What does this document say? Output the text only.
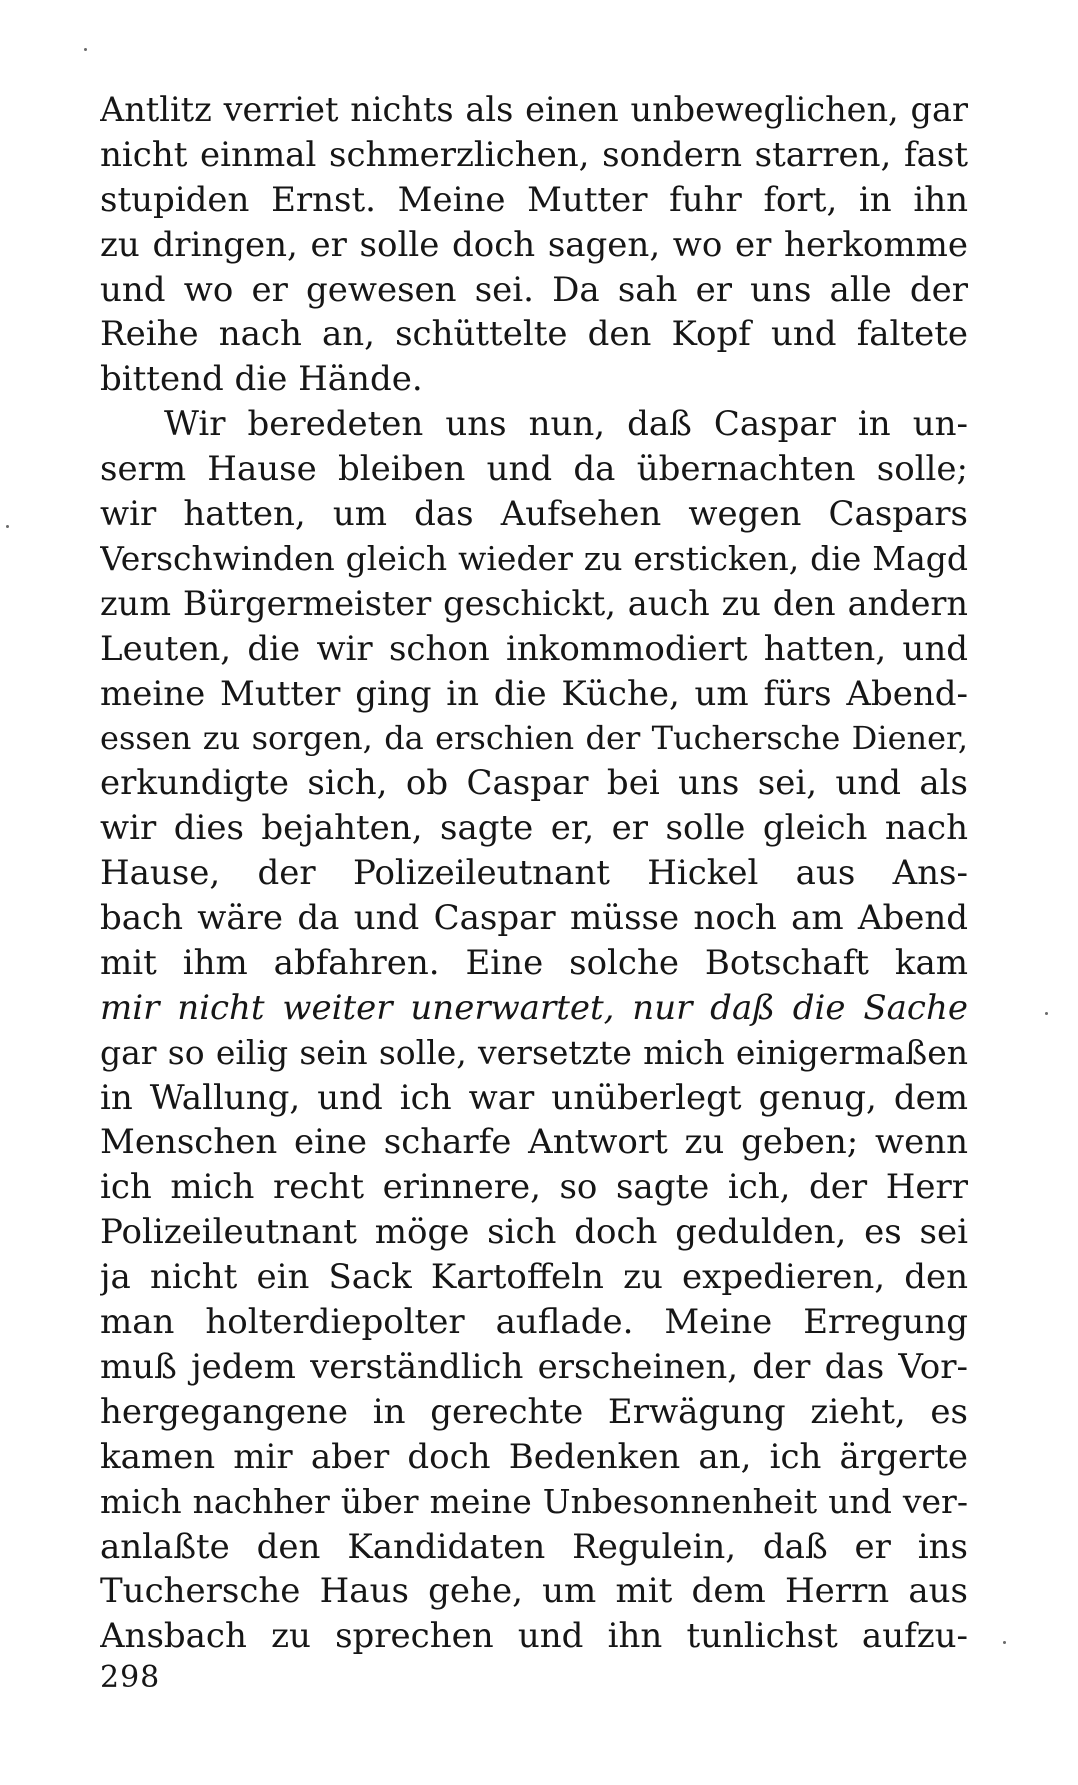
Antlitz verriet nichts als einen unbeweglichen, gar
nicht einmal schmerzlichen, sondern starren, fast
stupiden Ernst. Meine Mutter fuhr fort, in ihn
zu dringen, er solle doch sagen, wo er herkomme
und wo er gewesen sei. Da sah er uns alle der
Reihe nach an, schüttelte den Kopf und faltete
bittend die Hände.
Wir beredeten uns nun, daß Caspar in un-
serm Hause bleiben und da übernachten solle;
wir hatten, um das Aufsehen wegen Caspars
Verschwinden gleich wieder zu ersticken, die Magd
zum Bürgermeister geschickt, auch zu den andern
Leuten, die wir schon inkommodiert hatten, und
meine Mutter ging in die Küche, um fürs Abend-
essen zu sorgen, da erschien der Tuchersche Diener,
erkundigte sich, ob Caspar bei uns sei, und als
wir dies bejahten, sagte er, er solle gleich nach
Hause, der Polizeileutnant Hickel aus Ans-
bach wäre da und Caspar müsse noch am Abend
mit ihm abfahren. Eine solche Botschaft kam
mir nicht weiter unerwartet, nur daß die Sache
gar so eilig sein solle, versetzte mich einigermaßen
in Wallung, und ich war unüberlegt genug, dem
Menschen eine scharfe Antwort zu geben; wenn
ich mich recht erinnere, so sagte ich, der Herr
Polizeileutnant möge sich doch gedulden, es sei
ja nicht ein Sack Kartoffeln zu expedieren, den
man holterdiepolter auflade. Meine Erregung
muß jedem verständlich erscheinen, der das Vor-
hergegangene in gerechte Erwägung zieht, es
kamen mir aber doch Bedenken an, ich ärgerte
mich nachher über meine Unbesonnenheit und ver-
anlaßte den Kandidaten Regulein, daß er ins
Tuchersche Haus gehe, um mit dem Herrn aus
Ansbach zu sprechen und ihn tunlichst aufzu-
298
